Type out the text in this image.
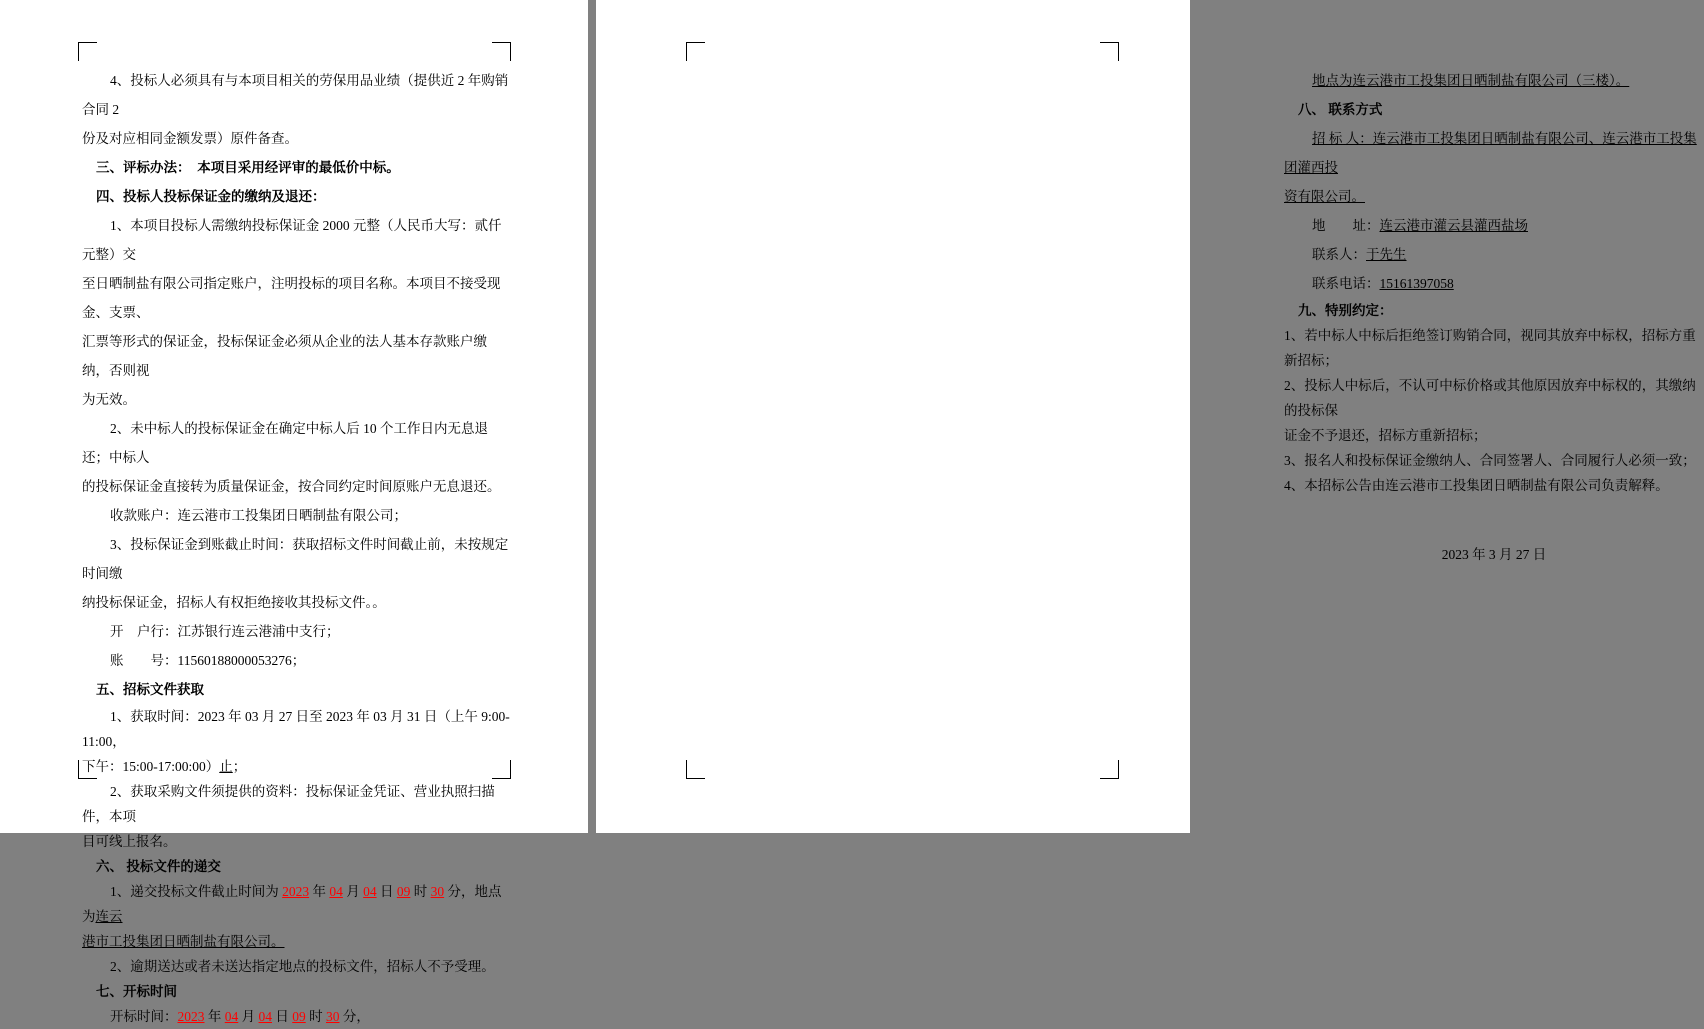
4、投标人必须具有与本项目相关的劳保用品业绩（提供近 2 年购销合同 2

份及对应相同金额发票）原件备查。

三、评标办法：  本项目采用经评审的最低价中标。

四、投标人投标保证金的缴纳及退还：

1、本项目投标人需缴纳投标保证金 2000 元整（人民币大写：贰仟元整）交

至日晒制盐有限公司指定账户，注明投标的项目名称。本项目不接受现金、支票、

汇票等形式的保证金，投标保证金必须从企业的法人基本存款账户缴纳，否则视

为无效。

2、未中标人的投标保证金在确定中标人后 10 个工作日内无息退还；中标人

的投标保证金直接转为质量保证金，按合同约定时间原账户无息退还。

收款账户：连云港市工投集团日晒制盐有限公司；

3、投标保证金到账截止时间：获取招标文件时间截止前，未按规定时间缴

纳投标保证金，招标人有权拒绝接收其投标文件。。

开　户行：江苏银行连云港浦中支行；

账　　号：11560188000053276；

五、招标文件获取

1、获取时间：2023 年 03 月 27 日至 2023 年 03 月 31 日（上午 9:00-11:00，

下午：15:00-17:00:00）止；

2、获取采购文件须提供的资料：投标保证金凭证、营业执照扫描件，本项

目可线上报名。

六、 投标文件的递交

1、递交投标文件截止时间为 2023 年 04 月 04 日 09 时 30 分，地点为连云

港市工投集团日晒制盐有限公司。

2、逾期送达或者未送达指定地点的投标文件，招标人不予受理。

七、开标时间

开标时间：2023 年 04 月 04 日 09 时 30 分，

地点为连云港市工投集团日晒制盐有限公司（三楼）。

八、 联系方式

招 标 人：连云港市工投集团日晒制盐有限公司、连云港市工投集团灌西投

资有限公司。

地　　址：连云港市灌云县灌西盐场

联系人：于先生

联系电话：15161397058

九、特别约定：

1、若中标人中标后拒绝签订购销合同，视同其放弃中标权，招标方重新招标；

2、投标人中标后，不认可中标价格或其他原因放弃中标权的，其缴纳的投标保

证金不予退还，招标方重新招标；

3、报名人和投标保证金缴纳人、合同签署人、合同履行人必须一致；

4、本招标公告由连云港市工投集团日晒制盐有限公司负责解释。

2023 年 3 月 27 日
